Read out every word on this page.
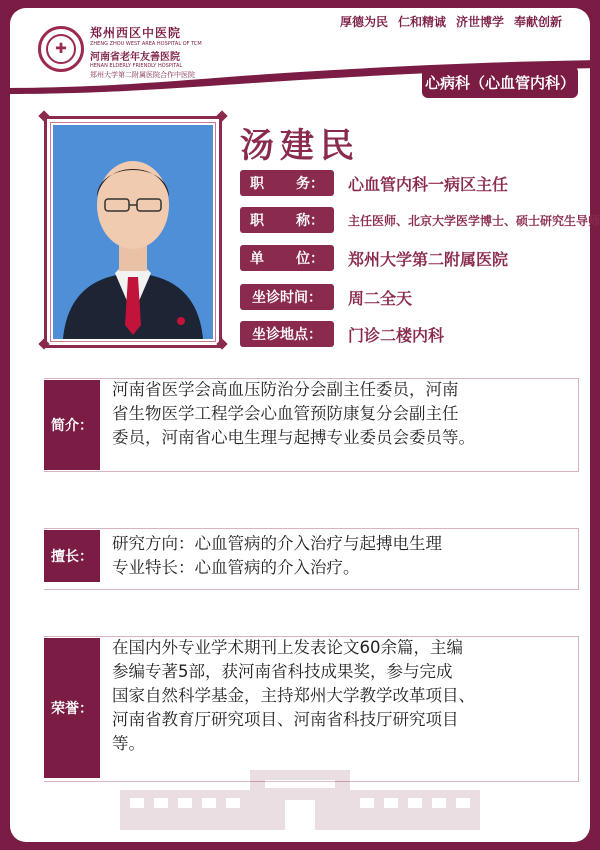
厚德为民 仁和精诚 济世博学 奉献创新
✚
郑州西区中医院
ZHENG ZHOU WEST AREA HOSPITAL OF TCM
河南省老年友善医院
HENAN ELDERLY FRIENDLY HOSPITAL
郑州大学第二附属医院合作中医院	心病科（心血管内科）
汤建民
职 务： 心血管内科一病区主任
职 称： 主任医师、北京大学医学博士、硕士研究生导师
单 位： 郑州大学第二附属医院
坐诊时间： 周二全天
坐诊地点： 门诊二楼内科
简介：
河南省医学会高血压防治分会副主任委员，河南
省生物医学工程学会心血管预防康复分会副主任
委员，河南省心电生理与起搏专业委员会委员等。
擅长：
研究方向：心血管病的介入治疗与起搏电生理
专业特长：心血管病的介入治疗。
荣誉：
在国内外专业学术期刊上发表论文60余篇，主编
参编专著5部，获河南省科技成果奖，参与完成
国家自然科学基金，主持郑州大学教学改革项目、
河南省教育厅研究项目、河南省科技厅研究项目
等。
